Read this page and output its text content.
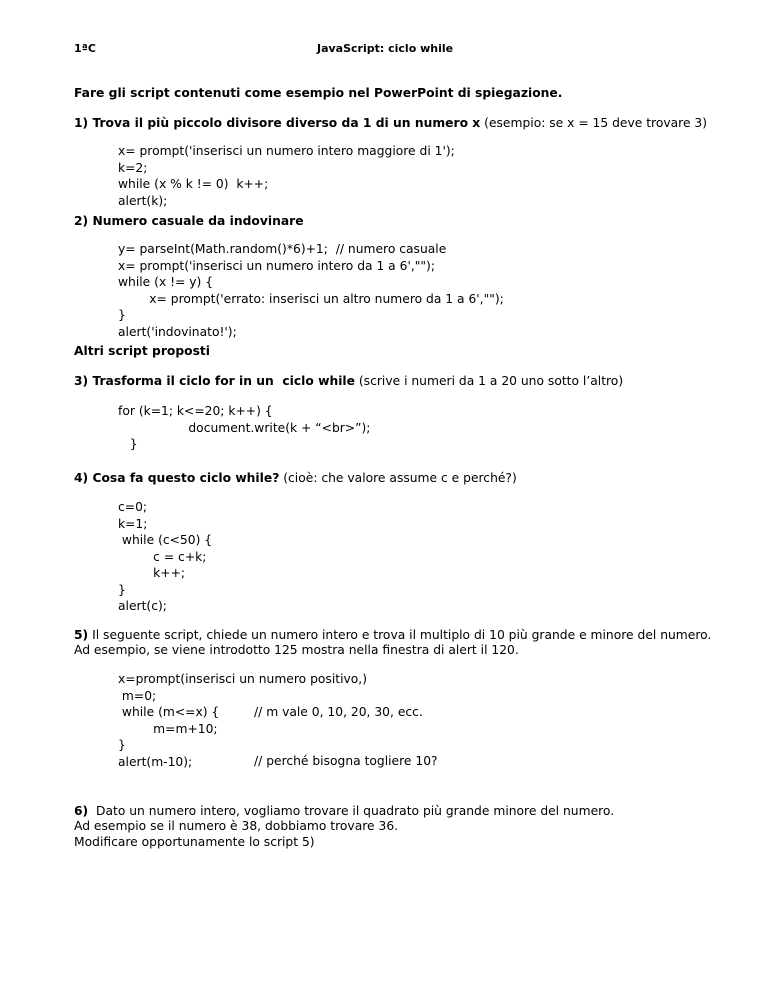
1ªC	JavaScript: ciclo while
Fare gli script contenuti come esempio nel PowerPoint di spiegazione.
1) Trova il più piccolo divisore diverso da 1 di un numero x (esempio: se x = 15 deve trovare 3)
x= prompt('inserisci un numero intero maggiore di 1');
k=2;
while (x % k != 0)  k++;
alert(k);
2) Numero casuale da indovinare
y= parseInt(Math.random()*6)+1;  // numero casuale
x= prompt('inserisci un numero intero da 1 a 6',"");
while (x != y) {
x= prompt('errato: inserisci un altro numero da 1 a 6',"");
}
alert('indovinato!');
Altri script proposti
3) Trasforma il ciclo for in un  ciclo while (scrive i numeri da 1 a 20 uno sotto l’altro)
for (k=1; k<=20; k++) {
document.write(k + “<br>”);
}
4) Cosa fa questo ciclo while? (cioè: che valore assume c e perché?)
c=0;
k=1;
while (c<50) {
c = c+k;
k++;
}
alert(c);
5) Il seguente script, chiede un numero intero e trova il multiplo di 10 più grande e minore del numero.
Ad esempio, se viene introdotto 125 mostra nella finestra di alert il 120.
x=prompt(inserisci un numero positivo,)
m=0;
while (m<=x) {
m=m+10;
}
alert(m-10);
// m vale 0, 10, 20, 30, ecc.
// perché bisogna togliere 10?
6)  Dato un numero intero, vogliamo trovare il quadrato più grande minore del numero.
Ad esempio se il numero è 38, dobbiamo trovare 36.
Modificare opportunamente lo script 5)
